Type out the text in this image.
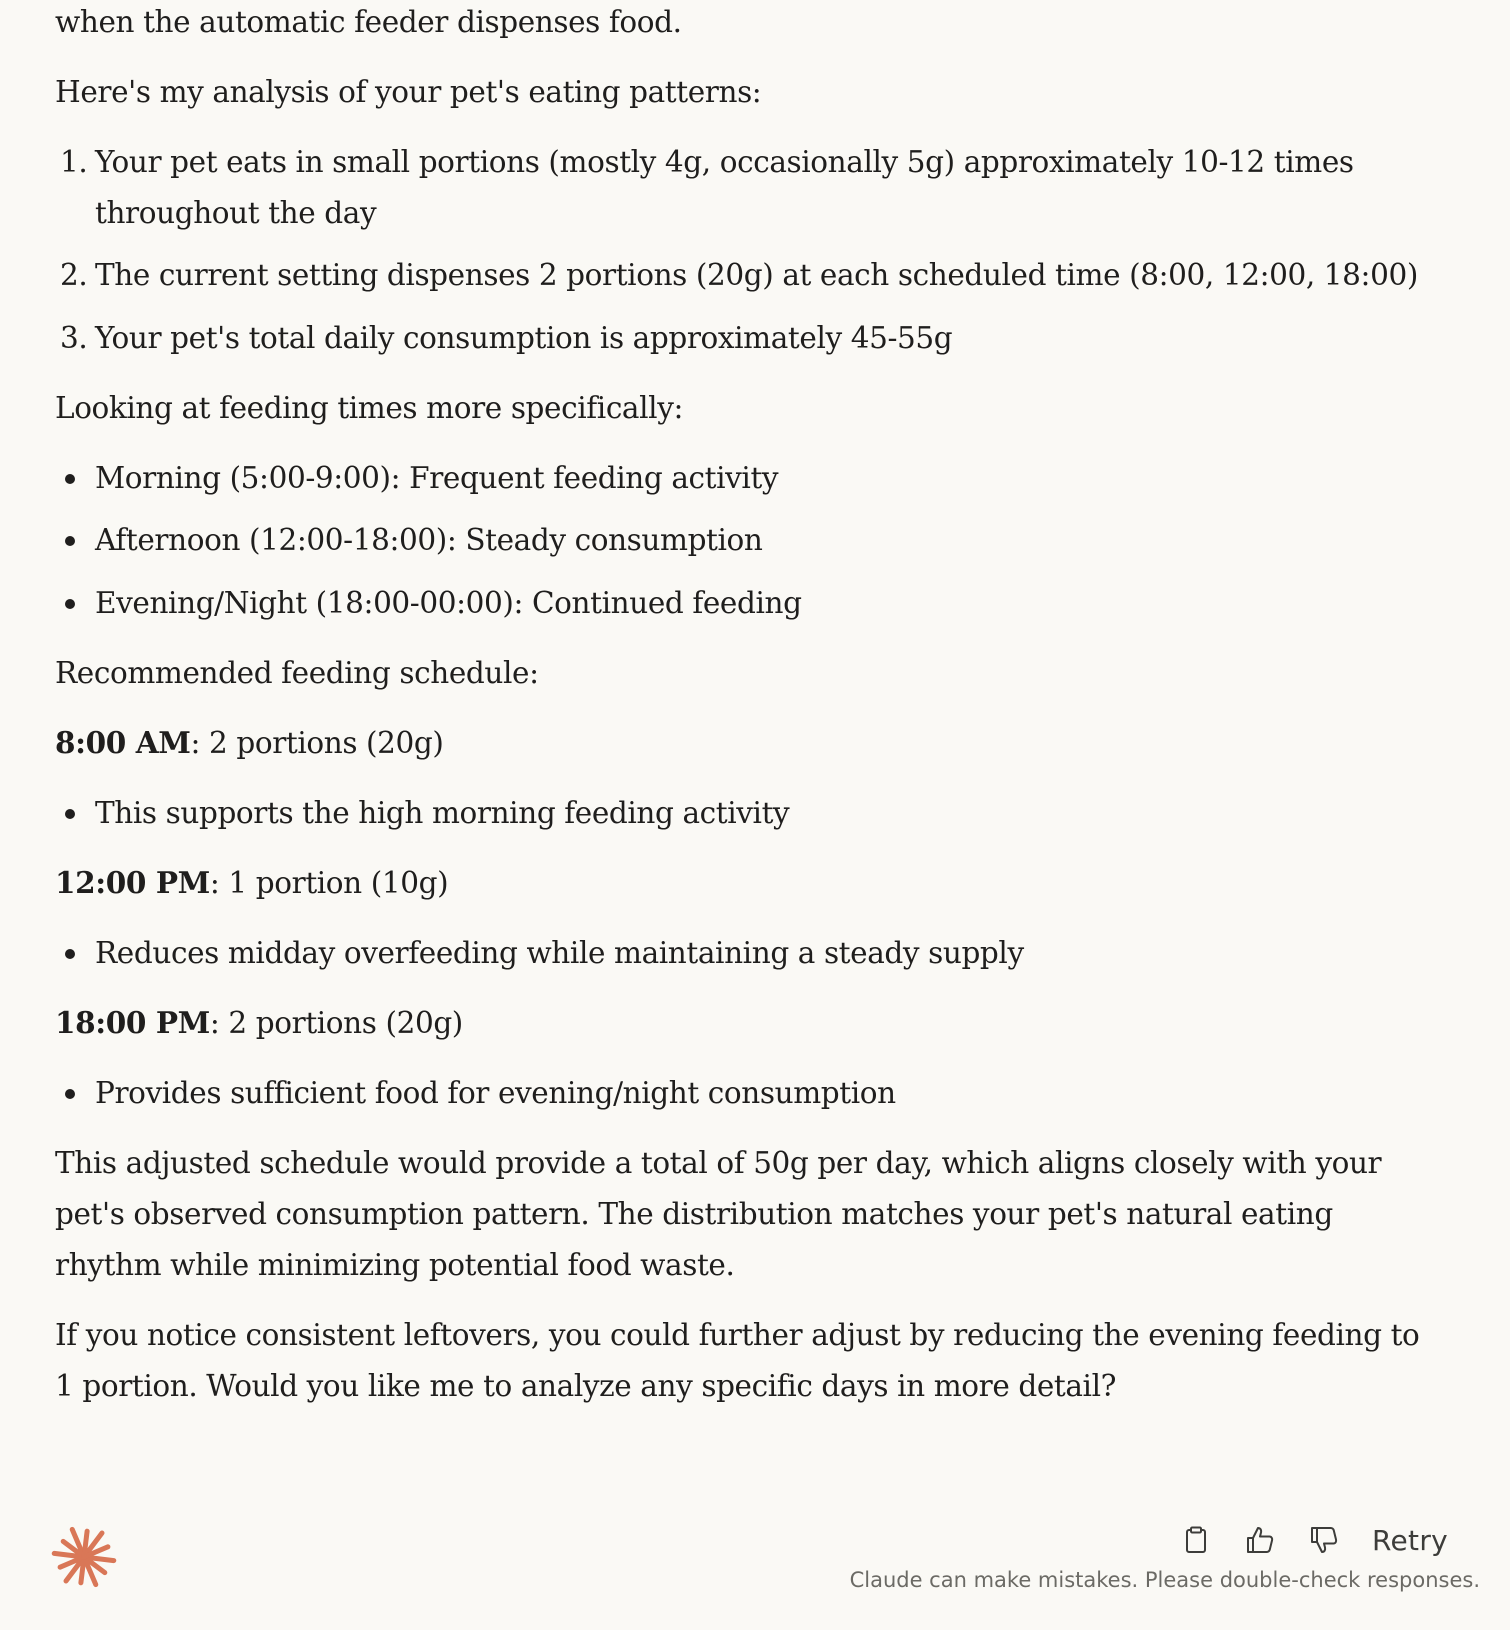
when the automatic feeder dispenses food.
Here's my analysis of your pet's eating patterns:
1. Your pet eats in small portions (mostly 4g, occasionally 5g) approximately 10-12 times
throughout the day
2. The current setting dispenses 2 portions (20g) at each scheduled time (8:00, 12:00, 18:00)
3. Your pet's total daily consumption is approximately 45-55g
Looking at feeding times more specifically:
Morning (5:00-9:00): Frequent feeding activity
Afternoon (12:00-18:00): Steady consumption
Evening/Night (18:00-00:00): Continued feeding
Recommended feeding schedule:
8:00 AM: 2 portions (20g)
This supports the high morning feeding activity
12:00 PM: 1 portion (10g)
Reduces midday overfeeding while maintaining a steady supply
18:00 PM: 2 portions (20g)
Provides sufficient food for evening/night consumption
This adjusted schedule would provide a total of 50g per day, which aligns closely with your
pet's observed consumption pattern. The distribution matches your pet's natural eating
rhythm while minimizing potential food waste.
If you notice consistent leftovers, you could further adjust by reducing the evening feeding to
1 portion. Would you like me to analyze any specific days in more detail?
Retry
Claude can make mistakes. Please double-check responses.
